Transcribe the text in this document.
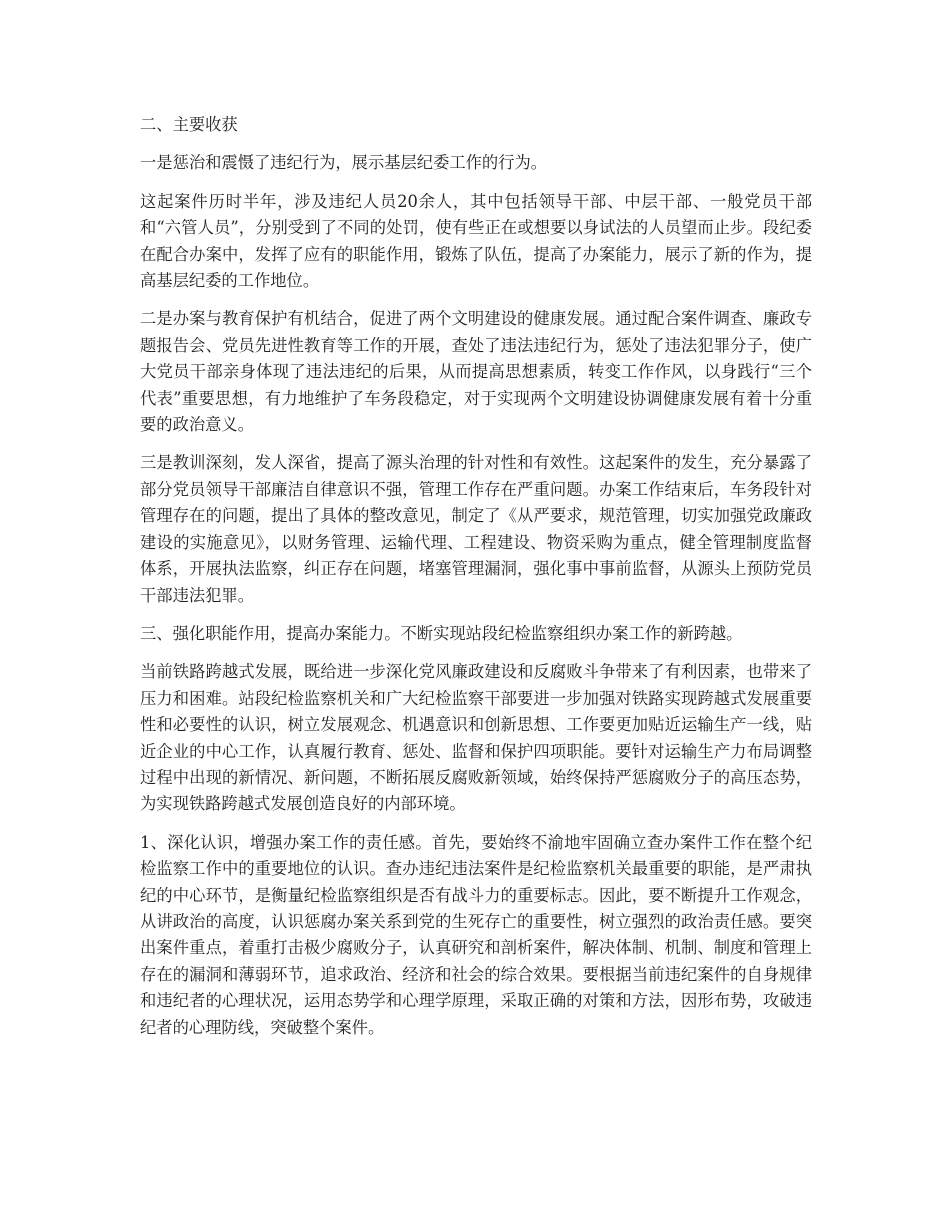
二、主要收获

一是惩治和震慑了违纪行为，展示基层纪委工作的行为。

这起案件历时半年，涉及违纪人员20余人，其中包括领导干部、中层干部、一般党员干部和“六管人员”，分别受到了不同的处罚，使有些正在或想要以身试法的人员望而止步。段纪委在配合办案中，发挥了应有的职能作用，锻炼了队伍，提高了办案能力，展示了新的作为，提高基层纪委的工作地位。

二是办案与教育保护有机结合，促进了两个文明建设的健康发展。通过配合案件调查、廉政专题报告会、党员先进性教育等工作的开展，查处了违法违纪行为，惩处了违法犯罪分子，使广大党员干部亲身体现了违法违纪的后果，从而提高思想素质，转变工作作风，以身践行“三个代表”重要思想，有力地维护了车务段稳定，对于实现两个文明建设协调健康发展有着十分重要的政治意义。

三是教训深刻，发人深省，提高了源头治理的针对性和有效性。这起案件的发生，充分暴露了部分党员领导干部廉洁自律意识不强，管理工作存在严重问题。办案工作结束后，车务段针对管理存在的问题，提出了具体的整改意见，制定了《从严要求，规范管理，切实加强党政廉政建设的实施意见》，以财务管理、运输代理、工程建设、物资采购为重点，健全管理制度监督体系，开展执法监察，纠正存在问题，堵塞管理漏洞，强化事中事前监督，从源头上预防党员干部违法犯罪。

三、强化职能作用，提高办案能力。不断实现站段纪检监察组织办案工作的新跨越。

当前铁路跨越式发展，既给进一步深化党风廉政建设和反腐败斗争带来了有利因素，也带来了压力和困难。站段纪检监察机关和广大纪检监察干部要进一步加强对铁路实现跨越式发展重要性和必要性的认识，树立发展观念、机遇意识和创新思想、工作要更加贴近运输生产一线，贴近企业的中心工作，认真履行教育、惩处、监督和保护四项职能。要针对运输生产力布局调整过程中出现的新情况、新问题，不断拓展反腐败新领域，始终保持严惩腐败分子的高压态势，为实现铁路跨越式发展创造良好的内部环境。

1、深化认识，增强办案工作的责任感。首先，要始终不渝地牢固确立查办案件工作在整个纪检监察工作中的重要地位的认识。查办违纪违法案件是纪检监察机关最重要的职能，是严肃执纪的中心环节，是衡量纪检监察组织是否有战斗力的重要标志。因此，要不断提升工作观念，从讲政治的高度，认识惩腐办案关系到党的生死存亡的重要性，树立强烈的政治责任感。要突出案件重点，着重打击极少腐败分子，认真研究和剖析案件，解决体制、机制、制度和管理上存在的漏洞和薄弱环节，追求政治、经济和社会的综合效果。要根据当前违纪案件的自身规律和违纪者的心理状况，运用态势学和心理学原理，采取正确的对策和方法，因形布势，攻破违纪者的心理防线，突破整个案件。
